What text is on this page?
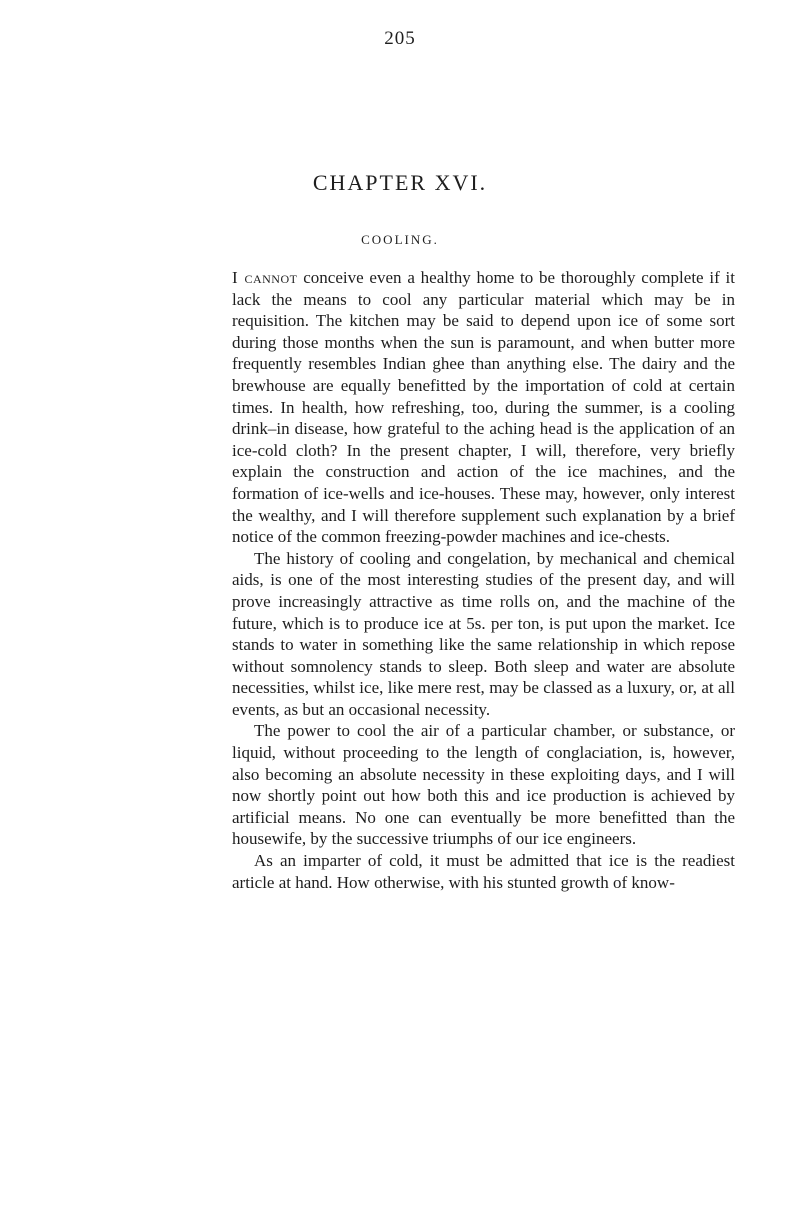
205
CHAPTER XVI.
COOLING.

I cannot conceive even a healthy home to be thoroughly complete if it lack the means to cool any particular material which may be in requisition. The kitchen may be said to depend upon ice of some sort during those months when the sun is paramount, and when butter more frequently resembles Indian ghee than anything else. The dairy and the brewhouse are equally benefitted by the importation of cold at certain times. In health, how refreshing, too, during the summer, is a cooling drink–in disease, how grateful to the aching head is the application of an ice-cold cloth? In the present chapter, I will, therefore, very briefly explain the construction and action of the ice machines, and the formation of ice-wells and ice-houses. These may, however, only interest the wealthy, and I will therefore supplement such explanation by a brief notice of the common freezing-powder machines and ice-chests.

The history of cooling and congelation, by mechanical and chemical aids, is one of the most interesting studies of the present day, and will prove increasingly attractive as time rolls on, and the machine of the future, which is to produce ice at 5s. per ton, is put upon the market. Ice stands to water in something like the same relationship in which repose without somnolency stands to sleep. Both sleep and water are absolute necessities, whilst ice, like mere rest, may be classed as a luxury, or, at all events, as but an occasional necessity.

The power to cool the air of a particular chamber, or substance, or liquid, without proceeding to the length of conglaciation, is, however, also becoming an absolute necessity in these exploiting days, and I will now shortly point out how both this and ice production is achieved by artificial means. No one can eventually be more benefitted than the housewife, by the successive triumphs of our ice engineers.

As an imparter of cold, it must be admitted that ice is the readiest article at hand. How otherwise, with his stunted growth of know-
